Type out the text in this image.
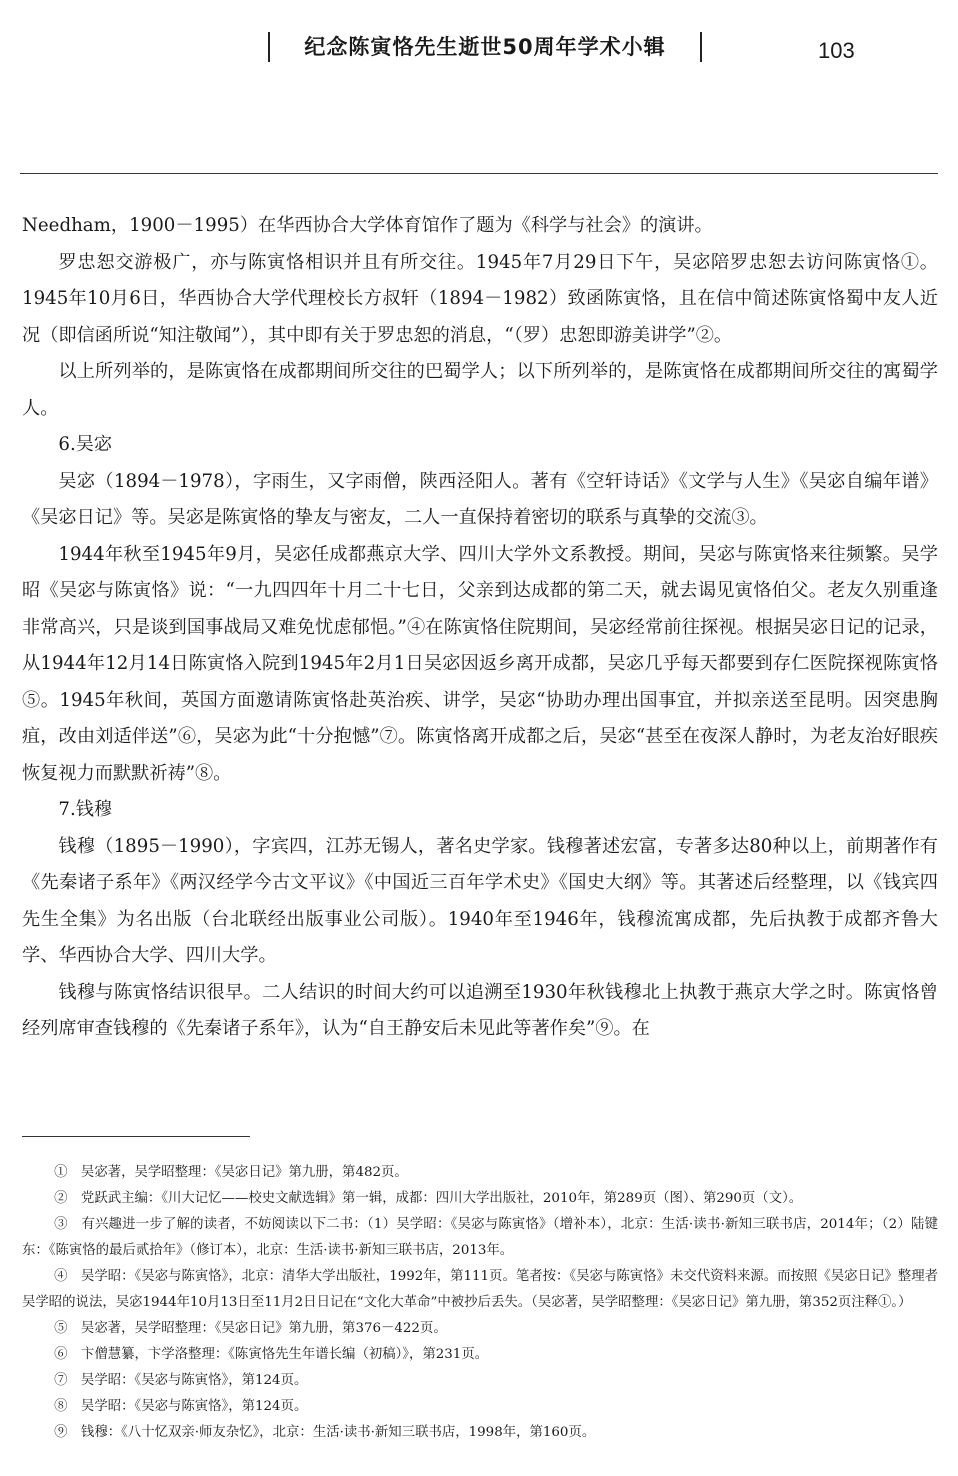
纪念陈寅恪先生逝世50周年学术小辑	103

Needham，1900－1995）在华西协合大学体育馆作了题为《科学与社会》的演讲。

罗忠恕交游极广，亦与陈寅恪相识并且有所交往。1945年7月29日下午，吴宓陪罗忠恕去访问陈寅恪①。1945年10月6日，华西协合大学代理校长方叔轩（1894－1982）致函陈寅恪，且在信中简述陈寅恪蜀中友人近况（即信函所说“知注敬闻”），其中即有关于罗忠恕的消息，“（罗）忠恕即游美讲学”②。

以上所列举的，是陈寅恪在成都期间所交往的巴蜀学人；以下所列举的，是陈寅恪在成都期间所交往的寓蜀学人。

6.吴宓

吴宓（1894－1978），字雨生，又字雨僧，陕西泾阳人。著有《空轩诗话》《文学与人生》《吴宓自编年谱》《吴宓日记》等。吴宓是陈寅恪的挚友与密友，二人一直保持着密切的联系与真挚的交流③。

1944年秋至1945年9月，吴宓任成都燕京大学、四川大学外文系教授。期间，吴宓与陈寅恪来往频繁。吴学昭《吴宓与陈寅恪》说：“一九四四年十月二十七日，父亲到达成都的第二天，就去谒见寅恪伯父。老友久别重逢非常高兴，只是谈到国事战局又难免忧虑郁悒。”④在陈寅恪住院期间，吴宓经常前往探视。根据吴宓日记的记录，从1944年12月14日陈寅恪入院到1945年2月1日吴宓因返乡离开成都，吴宓几乎每天都要到存仁医院探视陈寅恪⑤。1945年秋间，英国方面邀请陈寅恪赴英治疾、讲学，吴宓“协助办理出国事宜，并拟亲送至昆明。因突患胸疽，改由刘适伴送”⑥，吴宓为此“十分抱憾”⑦。陈寅恪离开成都之后，吴宓“甚至在夜深人静时，为老友治好眼疾恢复视力而默默祈祷”⑧。

7.钱穆

钱穆（1895－1990），字宾四，江苏无锡人，著名史学家。钱穆著述宏富，专著多达80种以上，前期著作有《先秦诸子系年》《两汉经学今古文平议》《中国近三百年学术史》《国史大纲》等。其著述后经整理，以《钱宾四先生全集》为名出版（台北联经出版事业公司版）。1940年至1946年，钱穆流寓成都，先后执教于成都齐鲁大学、华西协合大学、四川大学。

钱穆与陈寅恪结识很早。二人结识的时间大约可以追溯至1930年秋钱穆北上执教于燕京大学之时。陈寅恪曾经列席审查钱穆的《先秦诸子系年》，认为“自王静安后未见此等著作矣”⑨。在

①　吴宓著，吴学昭整理：《吴宓日记》第九册，第482页。

②　党跃武主编：《川大记忆——校史文献选辑》第一辑，成都：四川大学出版社，2010年，第289页（图）、第290页（文）。

③　有兴趣进一步了解的读者，不妨阅读以下二书：（1）吴学昭：《吴宓与陈寅恪》（增补本），北京：生活·读书·新知三联书店，2014年；（2）陆键东：《陈寅恪的最后贰拾年》（修订本），北京：生活·读书·新知三联书店，2013年。

④　吴学昭：《吴宓与陈寅恪》，北京：清华大学出版社，1992年，第111页。笔者按：《吴宓与陈寅恪》未交代资料来源。而按照《吴宓日记》整理者吴学昭的说法，吴宓1944年10月13日至11月2日日记在“文化大革命”中被抄后丢失。（吴宓著，吴学昭整理：《吴宓日记》第九册，第352页注释①。）

⑤　吴宓著，吴学昭整理：《吴宓日记》第九册，第376－422页。

⑥　卞僧慧纂，卞学洛整理：《陈寅恪先生年谱长编（初稿）》，第231页。

⑦　吴学昭：《吴宓与陈寅恪》，第124页。

⑧　吴学昭：《吴宓与陈寅恪》，第124页。

⑨　钱穆：《八十忆双亲·师友杂忆》，北京：生活·读书·新知三联书店，1998年，第160页。
